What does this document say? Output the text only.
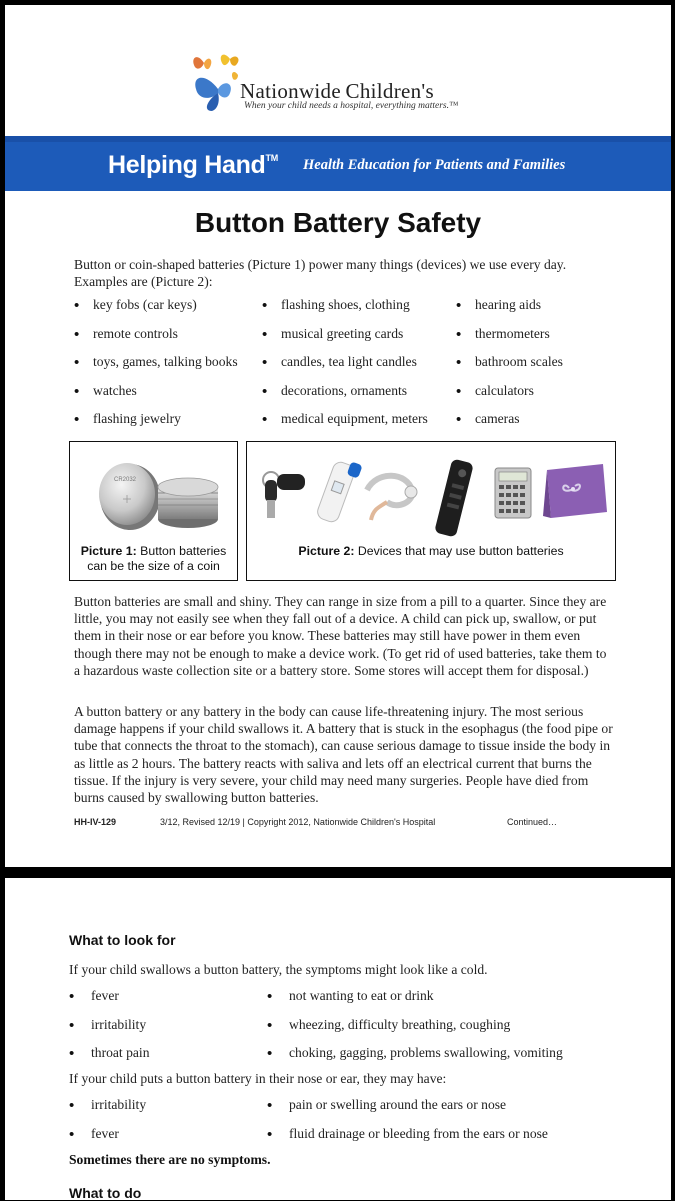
Nationwide Children's
When your child needs a hospital, everything matters.™
Helping Hand™ Health Education for Patients and Families
Button Battery Safety

Button or coin-shaped batteries (Picture 1) power many things (devices) we use every day. Examples are (Picture 2):

• key fobs (car keys)
• remote controls
• toys, games, talking books
• watches
• flashing jewelry
• flashing shoes, clothing
• musical greeting cards
• candles, tea light candles
• decorations, ornaments
• medical equipment, meters
• hearing aids
• thermometers
• bathroom scales
• calculators
• cameras
CR2032
Picture 1: Button batteries can be the size of a coin
Picture 2: Devices that may use button batteries

Button batteries are small and shiny. They can range in size from a pill to a quarter. Since they are little, you may not easily see when they fall out of a device. A child can pick up, swallow, or put them in their nose or ear before you know. These batteries may still have power in them even though there may not be enough to make a device work. (To get rid of used batteries, take them to a hazardous waste collection site or a battery store. Some stores will accept them for disposal.)

A button battery or any battery in the body can cause life-threatening injury. The most serious damage happens if your child swallows it. A battery that is stuck in the esophagus (the food pipe or tube that connects the throat to the stomach), can cause serious damage to tissue inside the body in as little as 2 hours. The battery reacts with saliva and lets off an electrical current that burns the tissue. If the injury is very severe, your child may need many surgeries. People have died from burns caused by swallowing button batteries.

HH-IV-129	3/12, Revised 12/19 | Copyright 2012, Nationwide Children's Hospital	Continued…
What to look for
If your child swallows a button battery, the symptoms might look like a cold.
• fever
• irritability
• throat pain
• not wanting to eat or drink
• wheezing, difficulty breathing, coughing
• choking, gagging, problems swallowing, vomiting
If your child puts a button battery in their nose or ear, they may have:
• irritability
• fever
• pain or swelling around the ears or nose
• fluid drainage or bleeding from the ears or nose
Sometimes there are no symptoms.
What to do
